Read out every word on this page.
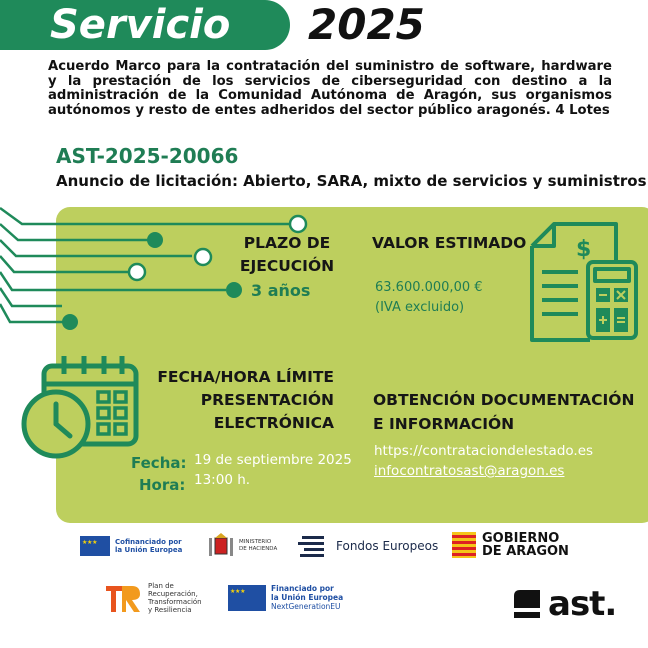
Servicio 2025
Acuerdo Marco para la contratación del suministro de software, hardware y la prestación de los servicios de ciberseguridad con destino a la administración de la Comunidad Autónoma de Aragón, sus organismos autónomos y resto de entes adheridos del sector público aragonés. 4 Lotes
AST-2025-20066
Anuncio de licitación: Abierto, SARA, mixto de servicios y suministros
PLAZO DE
EJECUCIÓN
3 años
VALOR ESTIMADO
63.600.000,00 €
(IVA excluido)
$
FECHA/HORA LÍMITE
PRESENTACIÓN
ELECTRÓNICA
Fecha: 19 de septiembre 2025
Hora: 13:00 h.
OBTENCIÓN DOCUMENTACIÓN
E INFORMACIÓN
https://contrataciondelestado.es
infocontratosast@aragon.es
★ ★ ★
Cofinanciado por
la Unión Europea
MINISTERIO
DE HACIENDA	Fondos Europeos	GOBIERNO
DE ARAGON
Plan de
Recuperación,
Transformación
y Resiliencia
★ ★ ★
Financiado por
la Unión Europea
NextGenerationEU	ast.
